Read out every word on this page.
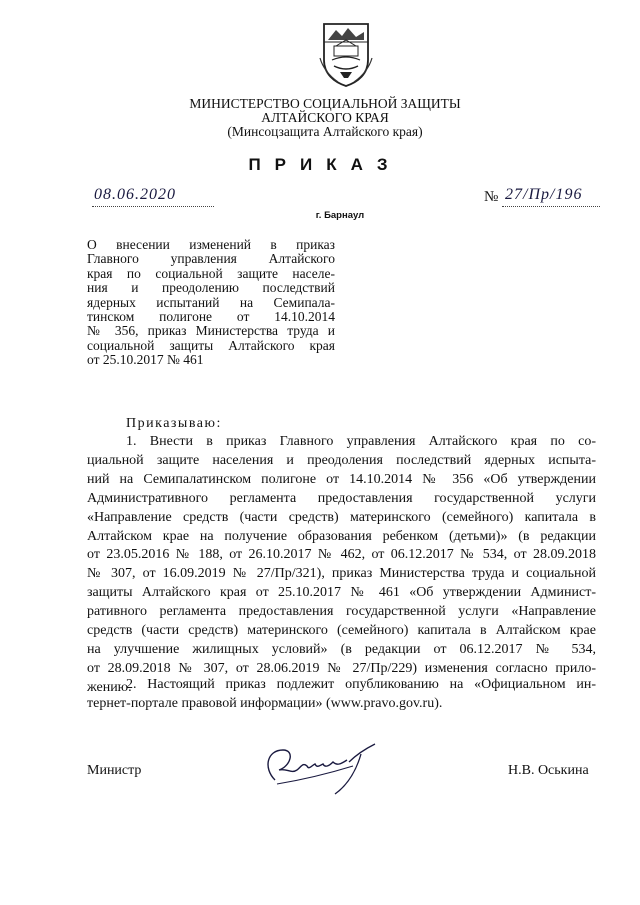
МИНИСТЕРСТВО СОЦИАЛЬНОЙ ЗАЩИТЫ
АЛТАЙСКОГО КРАЯ
(Минсоцзащита Алтайского края)
ПРИКАЗ
08.06.2020	№ 27/Пр/196
г. Барнаул
О внесении изменений в приказ
Главного управления Алтайского
края по социальной защите населе-
ния и преодолению последствий
ядерных испытаний на Семипала-
тинском полигоне от 14.10.2014
№ 356, приказ Министерства труда и
социальной защиты Алтайского края
от 25.10.2017 № 461
Приказываю:
1. Внести в приказ Главного управления Алтайского края по со-
циальной защите населения и преодоления последствий ядерных испыта-
ний на Семипалатинском полигоне от 14.10.2014 № 356 «Об утверждении
Административного регламента предоставления государственной услуги
«Направление средств (части средств) материнского (семейного) капитала в
Алтайском крае на получение образования ребенком (детьми)» (в редакции
от 23.05.2016 № 188, от 26.10.2017 № 462, от 06.12.2017 № 534, от 28.09.2018
№ 307, от 16.09.2019 № 27/Пр/321), приказ Министерства труда и социальной
защиты Алтайского края от 25.10.2017 № 461 «Об утверждении Админист-
ративного регламента предоставления государственной услуги «Направление
средств (части средств) материнского (семейного) капитала в Алтайском крае
на улучшение жилищных условий» (в редакции от 06.12.2017 № 534,
от 28.09.2018 № 307, от 28.06.2019 № 27/Пр/229) изменения согласно прило-
жению.
2. Настоящий приказ подлежит опубликованию на «Официальном ин-
тернет-портале правовой информации» (www.pravo.gov.ru).
Министр	Н.В. Оськина
